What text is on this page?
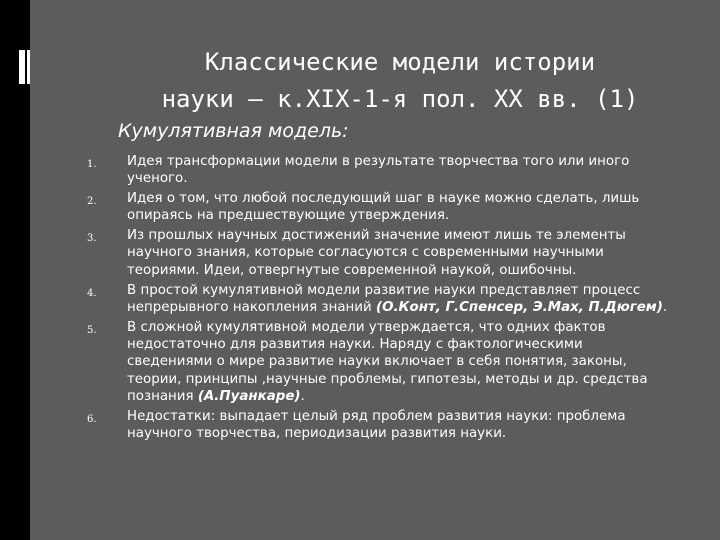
Классические модели истории
науки – к.XIX-1-я пол. XX вв. (1)
Кумулятивная модель:
1. Идея трансформации модели в результате творчества того или иного ученого.
2. Идея о том, что любой последующий шаг в науке можно сделать, лишь опираясь на предшествующие утверждения.
3. Из прошлых научных достижений значение имеют лишь те элементы научного знания, которые согласуются с современными научными теориями. Идеи, отвергнутые современной наукой, ошибочны.
4. В простой кумулятивной модели развитие науки представляет процесс непрерывного накопления знаний (О.Конт, Г.Спенсер, Э.Мах, П.Дюгем).
5. В сложной кумулятивной модели утверждается, что одних фактов недостаточно для развития науки. Наряду с фактологическими сведениями о мире развитие науки включает в себя понятия, законы, теории, принципы ,научные проблемы, гипотезы, методы и др. средства познания (А.Пуанкаре).
6. Недостатки: выпадает целый ряд проблем развития науки: проблема научного творчества, периодизации развития науки.
